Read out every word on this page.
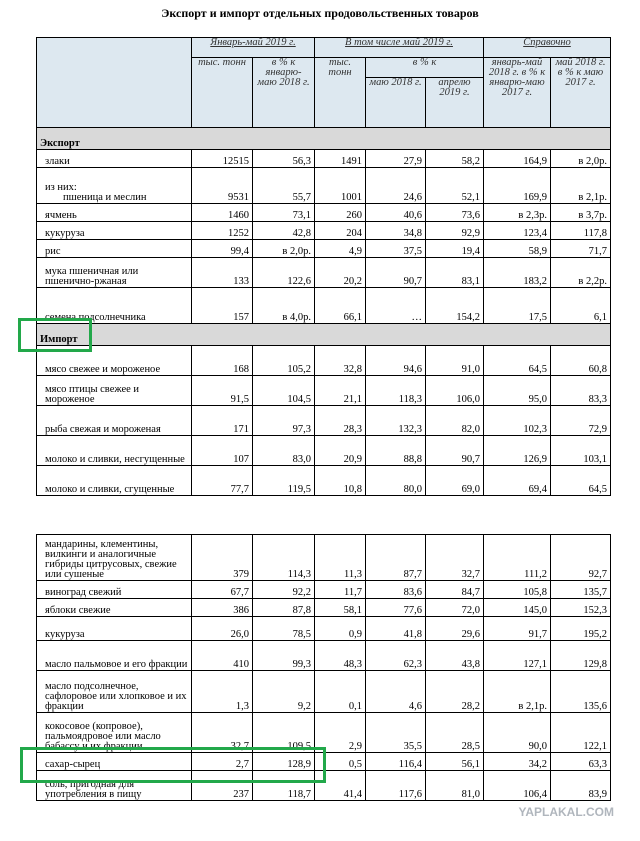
Экспорт и импорт отдельных продовольственных товаров
	Январь-май 2019 г.		В том числе май 2019 г.			Справочно	
	тыс. тонн	в % к январю-маю 2018 г.	тыс. тонн	в % к		январь-май 2018 г. в % к январю-маю 2017 г.	май 2018 г. в % к маю 2017 г.
				маю 2018 г.	апрелю 2019 г.		
Экспорт							
злаки	12515	56,3	1491	27,9	58,2	164,9	в 2,0р.
из них:
пшеница и меслин	9531	55,7	1001	24,6	52,1	169,9	в 2,1р.
ячмень	1460	73,1	260	40,6	73,6	в 2,3р.	в 3,7р.
кукуруза	1252	42,8	204	34,8	92,9	123,4	117,8
рис	99,4	в 2,0р.	4,9	37,5	19,4	58,9	71,7
мука пшеничная или пшенично-ржаная	133	122,6	20,2	90,7	83,1	183,2	в 2,2р.
семена подсолнечника	157	в 4,0р.	66,1	…	154,2	17,5	6,1
Импорт							
мясо свежее и мороженое	168	105,2	32,8	94,6	91,0	64,5	60,8
мясо птицы свежее и мороженое	91,5	104,5	21,1	118,3	106,0	95,0	83,3
рыба свежая и мороженая	171	97,3	28,3	132,3	82,0	102,3	72,9
молоко и сливки, несгущенные	107	83,0	20,9	88,8	90,7	126,9	103,1
молоко и сливки, сгущенные	77,7	119,5	10,8	80,0	69,0	69,4	64,5
мандарины, клементины, вилкинги и аналогичные гибриды цитрусовых, свежие или сушеные	379	114,3	11,3	87,7	32,7	111,2	92,7
виноград свежий	67,7	92,2	11,7	83,6	84,7	105,8	135,7
яблоки свежие	386	87,8	58,1	77,6	72,0	145,0	152,3
кукуруза	26,0	78,5	0,9	41,8	29,6	91,7	195,2
масло пальмовое и его фракции	410	99,3	48,3	62,3	43,8	127,1	129,8
масло подсолнечное, сафлоровое или хлопковое и их фракции	1,3	9,2	0,1	4,6	28,2	в 2,1р.	135,6
кокосовое (копровое), пальмоядровое или масло бабассу и их фракции	32,7	109,5	2,9	35,5	28,5	90,0	122,1
сахар-сырец	2,7	128,9	0,5	116,4	56,1	34,2	63,3
соль, пригодная для употребления в пищу	237	118,7	41,4	117,6	81,0	106,4	83,9
YAPLAKAL.COM
